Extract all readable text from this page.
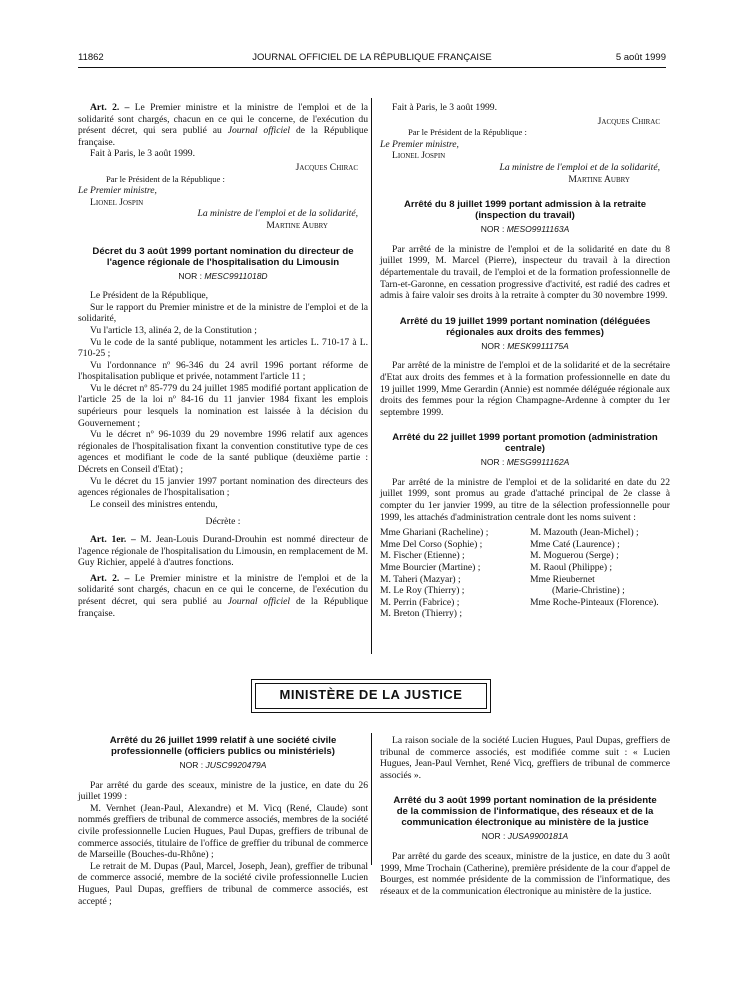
11862	JOURNAL OFFICIEL DE LA RÉPUBLIQUE FRANÇAISE	5 août 1999

Art. 2. – Le Premier ministre et la ministre de l'emploi et de la solidarité sont chargés, chacun en ce qui le concerne, de l'exécution du présent décret, qui sera publié au Journal officiel de la République française.

Fait à Paris, le 3 août 1999.

Jacques Chirac

Par le Président de la République :

Le Premier ministre,

Lionel Jospin

La ministre de l'emploi et de la solidarité,

Martine Aubry

Décret du 3 août 1999 portant nomination du directeur de l'agence régionale de l'hospitalisation du Limousin
NOR : MESC9911018D

Le Président de la République,

Sur le rapport du Premier ministre et de la ministre de l'emploi et de la solidarité,

Vu l'article 13, alinéa 2, de la Constitution ;

Vu le code de la santé publique, notamment les articles L. 710-17 à L. 710-25 ;

Vu l'ordonnance nº 96-346 du 24 avril 1996 portant réforme de l'hospitalisation publique et privée, notamment l'article 11 ;

Vu le décret nº 85-779 du 24 juillet 1985 modifié portant application de l'article 25 de la loi nº 84-16 du 11 janvier 1984 fixant les emplois supérieurs pour lesquels la nomination est laissée à la décision du Gouvernement ;

Vu le décret nº 96-1039 du 29 novembre 1996 relatif aux agences régionales de l'hospitalisation fixant la convention constitutive type de ces agences et modifiant le code de la santé publique (deuxième partie : Décrets en Conseil d'Etat) ;

Vu le décret du 15 janvier 1997 portant nomination des directeurs des agences régionales de l'hospitalisation ;

Le conseil des ministres entendu,

Décrète :

Art. 1er. – M. Jean-Louis Durand-Drouhin est nommé directeur de l'agence régionale de l'hospitalisation du Limousin, en remplacement de M. Guy Richier, appelé à d'autres fonctions.

Art. 2. – Le Premier ministre et la ministre de l'emploi et de la solidarité sont chargés, chacun en ce qui le concerne, de l'exécution du présent décret, qui sera publié au Journal officiel de la République française.

Fait à Paris, le 3 août 1999.

Jacques Chirac

Par le Président de la République :

Le Premier ministre,

Lionel Jospin

La ministre de l'emploi et de la solidarité,

Martine Aubry

Arrêté du 8 juillet 1999 portant admission à la retraite (inspection du travail)
NOR : MESO9911163A

Par arrêté de la ministre de l'emploi et de la solidarité en date du 8 juillet 1999, M. Marcel (Pierre), inspecteur du travail à la direction départementale du travail, de l'emploi et de la formation professionnelle de Tarn-et-Garonne, en cessation progressive d'activité, est radié des cadres et admis à faire valoir ses droits à la retraite à compter du 30 novembre 1999.

Arrêté du 19 juillet 1999 portant nomination (déléguées régionales aux droits des femmes)
NOR : MESK9911175A

Par arrêté de la ministre de l'emploi et de la solidarité et de la secrétaire d'Etat aux droits des femmes et à la formation professionnelle en date du 19 juillet 1999, Mme Gerardin (Annie) est nommée déléguée régionale aux droits des femmes pour la région Champagne-Ardenne à compter du 1er septembre 1999.

Arrêté du 22 juillet 1999 portant promotion (administration centrale)
NOR : MESG9911162A

Par arrêté de la ministre de l'emploi et de la solidarité en date du 22 juillet 1999, sont promus au grade d'attaché principal de 2e classe à compter du 1er janvier 1999, au titre de la sélection professionnelle pour 1999, les attachés d'administration centrale dont les noms suivent :

Mme Ghariani (Racheline) ;
Mme Del Corso (Sophie) ;
M. Fischer (Etienne) ;
Mme Bourcier (Martine) ;
M. Taheri (Mazyar) ;
M. Le Roy (Thierry) ;
M. Perrin (Fabrice) ;
M. Breton (Thierry) ;
M. Mazouth (Jean-Michel) ;
Mme Caté (Laurence) ;
M. Moguerou (Serge) ;
M. Raoul (Philippe) ;
Mme Rieubernet
(Marie-Christine) ;
Mme Roche-Pinteaux (Florence).
MINISTÈRE DE LA JUSTICE
Arrêté du 26 juillet 1999 relatif à une société civile professionnelle (officiers publics ou ministériels)
NOR : JUSC9920479A

Par arrêté du garde des sceaux, ministre de la justice, en date du 26 juillet 1999 :

M. Vernhet (Jean-Paul, Alexandre) et M. Vicq (René, Claude) sont nommés greffiers de tribunal de commerce associés, membres de la société civile professionnelle Lucien Hugues, Paul Dupas, greffiers de tribunal de commerce associés, titulaire de l'office de greffier du tribunal de commerce de Marseille (Bouches-du-Rhône) ;

Le retrait de M. Dupas (Paul, Marcel, Joseph, Jean), greffier de tribunal de commerce associé, membre de la société civile professionnelle Lucien Hugues, Paul Dupas, greffiers de tribunal de commerce associés, est accepté ;

La raison sociale de la société Lucien Hugues, Paul Dupas, greffiers de tribunal de commerce associés, est modifiée comme suit : « Lucien Hugues, Jean-Paul Vernhet, René Vicq, greffiers de tribunal de commerce associés ».

Arrêté du 3 août 1999 portant nomination de la présidente de la commission de l'informatique, des réseaux et de la communication électronique au ministère de la justice
NOR : JUSA9900181A

Par arrêté du garde des sceaux, ministre de la justice, en date du 3 août 1999, Mme Trochain (Catherine), première présidente de la cour d'appel de Bourges, est nommée présidente de la commission de l'informatique, des réseaux et de la communication électronique au ministère de la justice.
